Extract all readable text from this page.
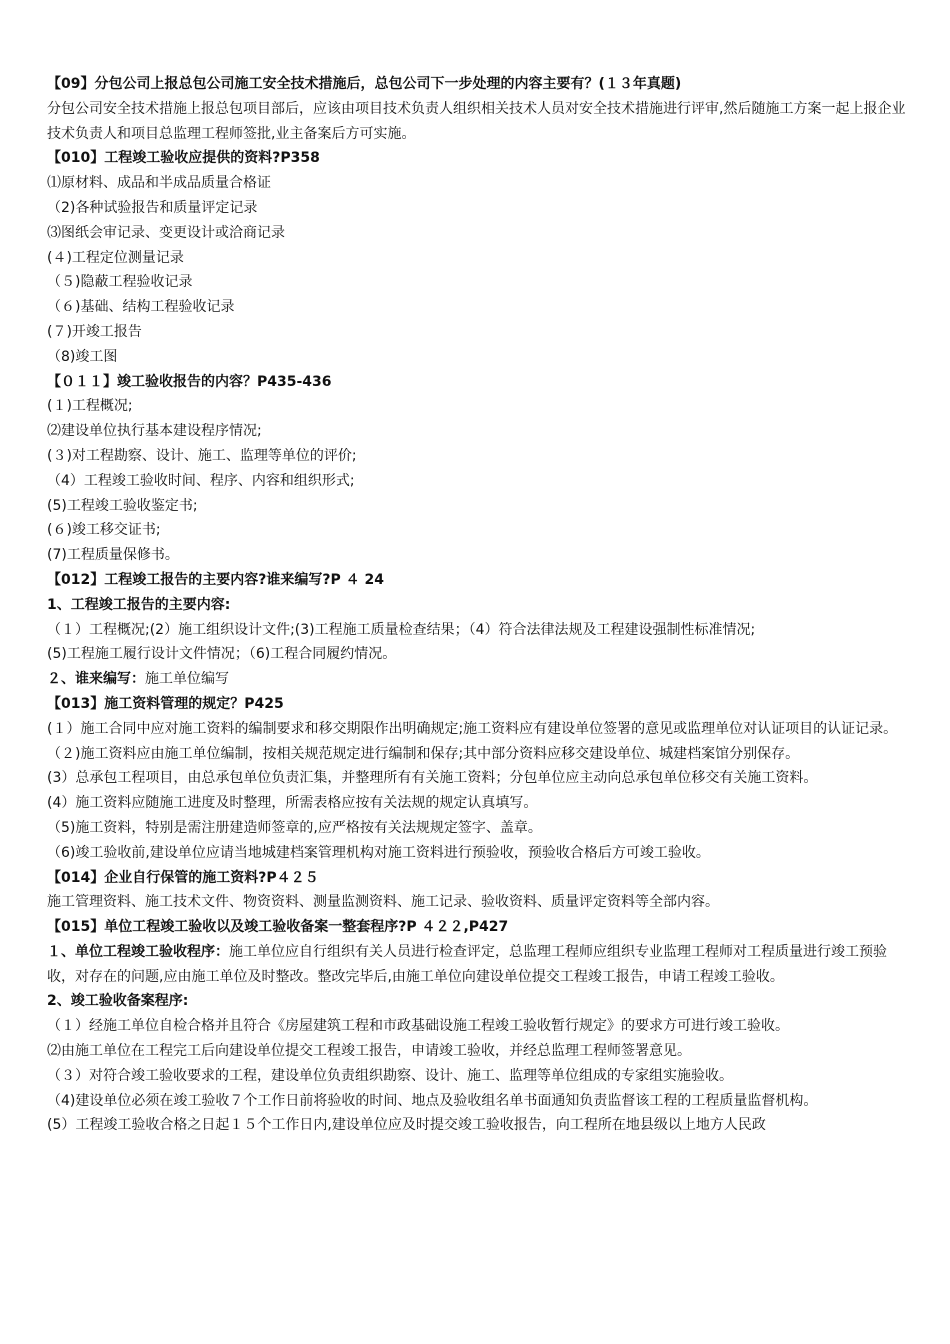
【09】分包公司上报总包公司施工安全技术措施后，总包公司下一步处理的内容主要有？(１３年真题)
分包公司安全技术措施上报总包项目部后，应该由项目技术负责人组织相关技术人员对安全技术措施进行评审,然后随施工方案一起上报企业技术负责人和项目总监理工程师签批,业主备案后方可实施。
【010】工程竣工验收应提供的资料?P358
⑴原材料、成品和半成品质量合格证
（2)各种试验报告和质量评定记录
⑶图纸会审记录、变更设计或洽商记录
(４)工程定位测量记录
（５)隐蔽工程验收记录
（６)基础、结构工程验收记录
(７)开竣工报告
（8)竣工图
【０１１】竣工验收报告的内容？P435-436
(１)工程概况;
⑵建设单位执行基本建设程序情况;
(３)对工程勘察、设计、施工、监理等单位的评价;
（4）工程竣工验收时间、程序、内容和组织形式;
(5)工程竣工验收鉴定书;
(６)竣工移交证书;
(7)工程质量保修书。
【012】工程竣工报告的主要内容?谁来编写?P ４ 24
1、工程竣工报告的主要内容:
（１）工程概况;(2）施工组织设计文件;(3)工程施工质量检查结果；（4）符合法律法规及工程建设强制性标准情况;
(5)工程施工履行设计文件情况；（6)工程合同履约情况。
２、谁来编写：施工单位编写
【013】施工资料管理的规定？P425
(１）施工合同中应对施工资料的编制要求和移交期限作出明确规定;施工资料应有建设单位签署的意见或监理单位对认证项目的认证记录。
（２)施工资料应由施工单位编制，按相关规范规定进行编制和保存;其中部分资料应移交建设单位、城建档案馆分别保存。
(3）总承包工程项目，由总承包单位负责汇集，并整理所有有关施工资料；分包单位应主动向总承包单位移交有关施工资料。
(4）施工资料应随施工进度及时整理，所需表格应按有关法规的规定认真填写。
（5)施工资料，特别是需注册建造师签章的,应严格按有关法规规定签字、盖章。
（6)竣工验收前,建设单位应请当地城建档案管理机构对施工资料进行预验收，预验收合格后方可竣工验收。
【014】企业自行保管的施工资料?P４２５
施工管理资料、施工技术文件、物资资料、测量监测资料、施工记录、验收资料、质量评定资料等全部内容。
【015】单位工程竣工验收以及竣工验收备案一整套程序?P ４２２,P427
１、单位工程竣工验收程序：施工单位应自行组织有关人员进行检查评定，总监理工程师应组织专业监理工程师对工程质量进行竣工预验收，对存在的问题,应由施工单位及时整改。整改完毕后,由施工单位向建设单位提交工程竣工报告，申请工程竣工验收。
2、竣工验收备案程序:
（１）经施工单位自检合格并且符合《房屋建筑工程和市政基础设施工程竣工验收暂行规定》的要求方可进行竣工验收。
⑵由施工单位在工程完工后向建设单位提交工程竣工报告，申请竣工验收，并经总监理工程师签署意见。
（３）对符合竣工验收要求的工程，建设单位负责组织勘察、设计、施工、监理等单位组成的专家组实施验收。
（4)建设单位必须在竣工验收７个工作日前将验收的时间、地点及验收组名单书面通知负责监督该工程的工程质量监督机构。
(5）工程竣工验收合格之日起１５个工作日内,建设单位应及时提交竣工验收报告，向工程所在地县级以上地方人民政
